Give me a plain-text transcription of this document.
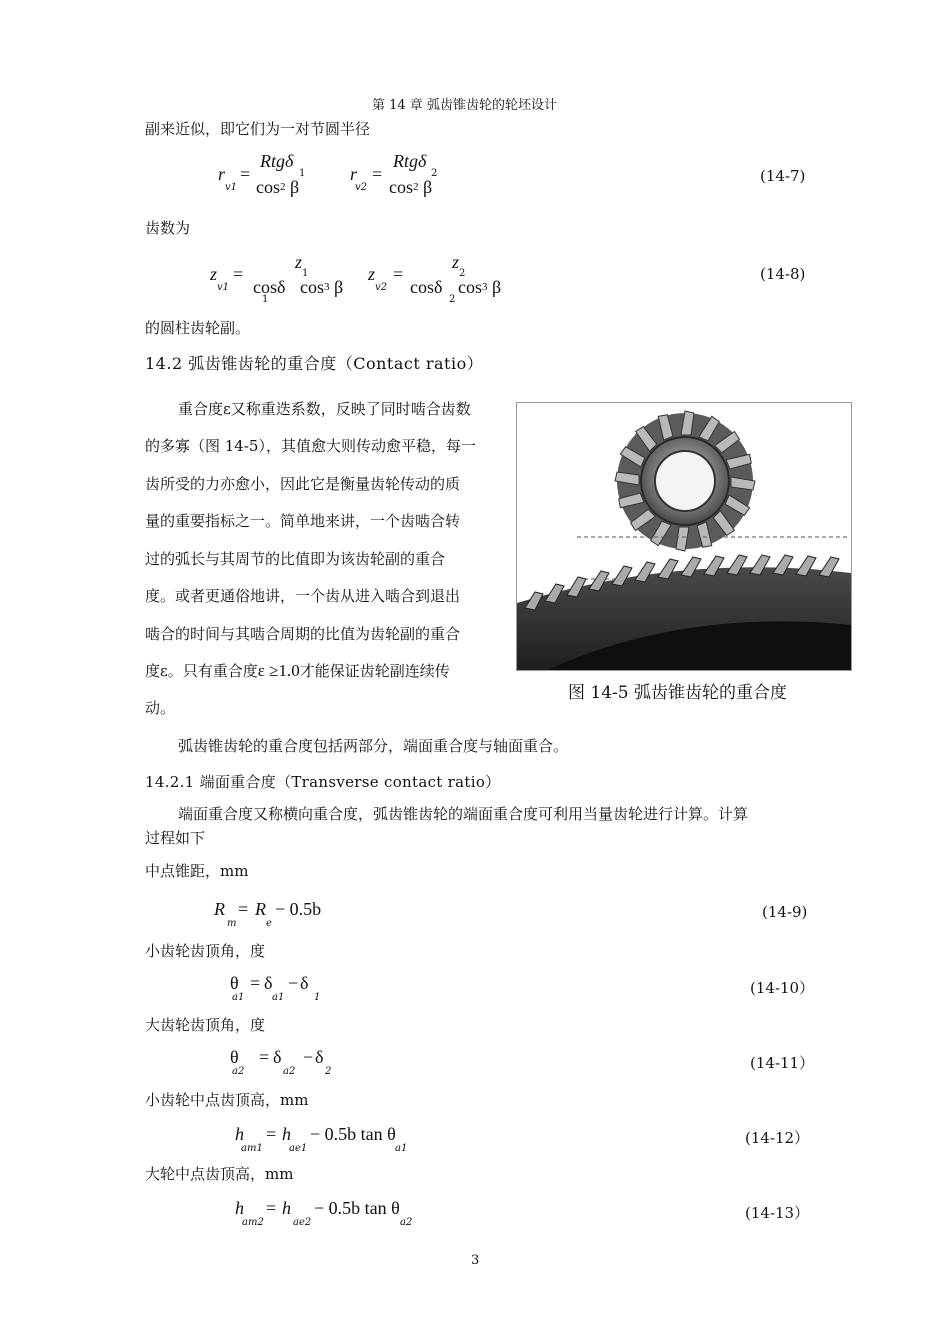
第 14 章 弧齿锥齿轮的轮坯设计
副来近似，即它们为一对节圆半径
r
v1
=
Rtgδ
1
cos2 β
r
v2
=
Rtgδ
2
cos2 β
(14-7)
齿数为
z
v1
=
z
1
cosδ
1
cos3 β
z
v2
=
z
2
cosδ
2
cos3 β
(14-8)
的圆柱齿轮副。
14.2 弧齿锥齿轮的重合度（Contact ratio）
重合度ε又称重迭系数，反映了同时啮合齿数
的多寡（图 14-5），其值愈大则传动愈平稳，每一
齿所受的力亦愈小，因此它是衡量齿轮传动的质
量的重要指标之一。简单地来讲，一个齿啮合转
过的弧长与其周节的比值即为该齿轮副的重合
度。或者更通俗地讲，一个齿从进入啮合到退出
啮合的时间与其啮合周期的比值为齿轮副的重合
度ε。只有重合度ε ≥1.0才能保证齿轮副连续传
动。
图 14-5 弧齿锥齿轮的重合度
弧齿锥齿轮的重合度包括两部分，端面重合度与轴面重合。
14.2.1 端面重合度（Transverse contact ratio）
端面重合度又称横向重合度，弧齿锥齿轮的端面重合度可利用当量齿轮进行计算。计算
过程如下
中点锥距，mm
R
m
= R
e
− 0.5b	(14-9)
小齿轮齿顶角，度
θ
a1
= δ
a1
− δ
1
(14-10）
大齿轮齿顶角，度
θ
a2
= δ
a2
− δ
2	(14-11）
小齿轮中点齿顶高，mm
h
am1
= h
ae1
− 0.5b tan θ
a1
(14-12）
大轮中点齿顶高，mm
h
am2
= h
ae2
− 0.5b tan θ
a2
(14-13）
3
